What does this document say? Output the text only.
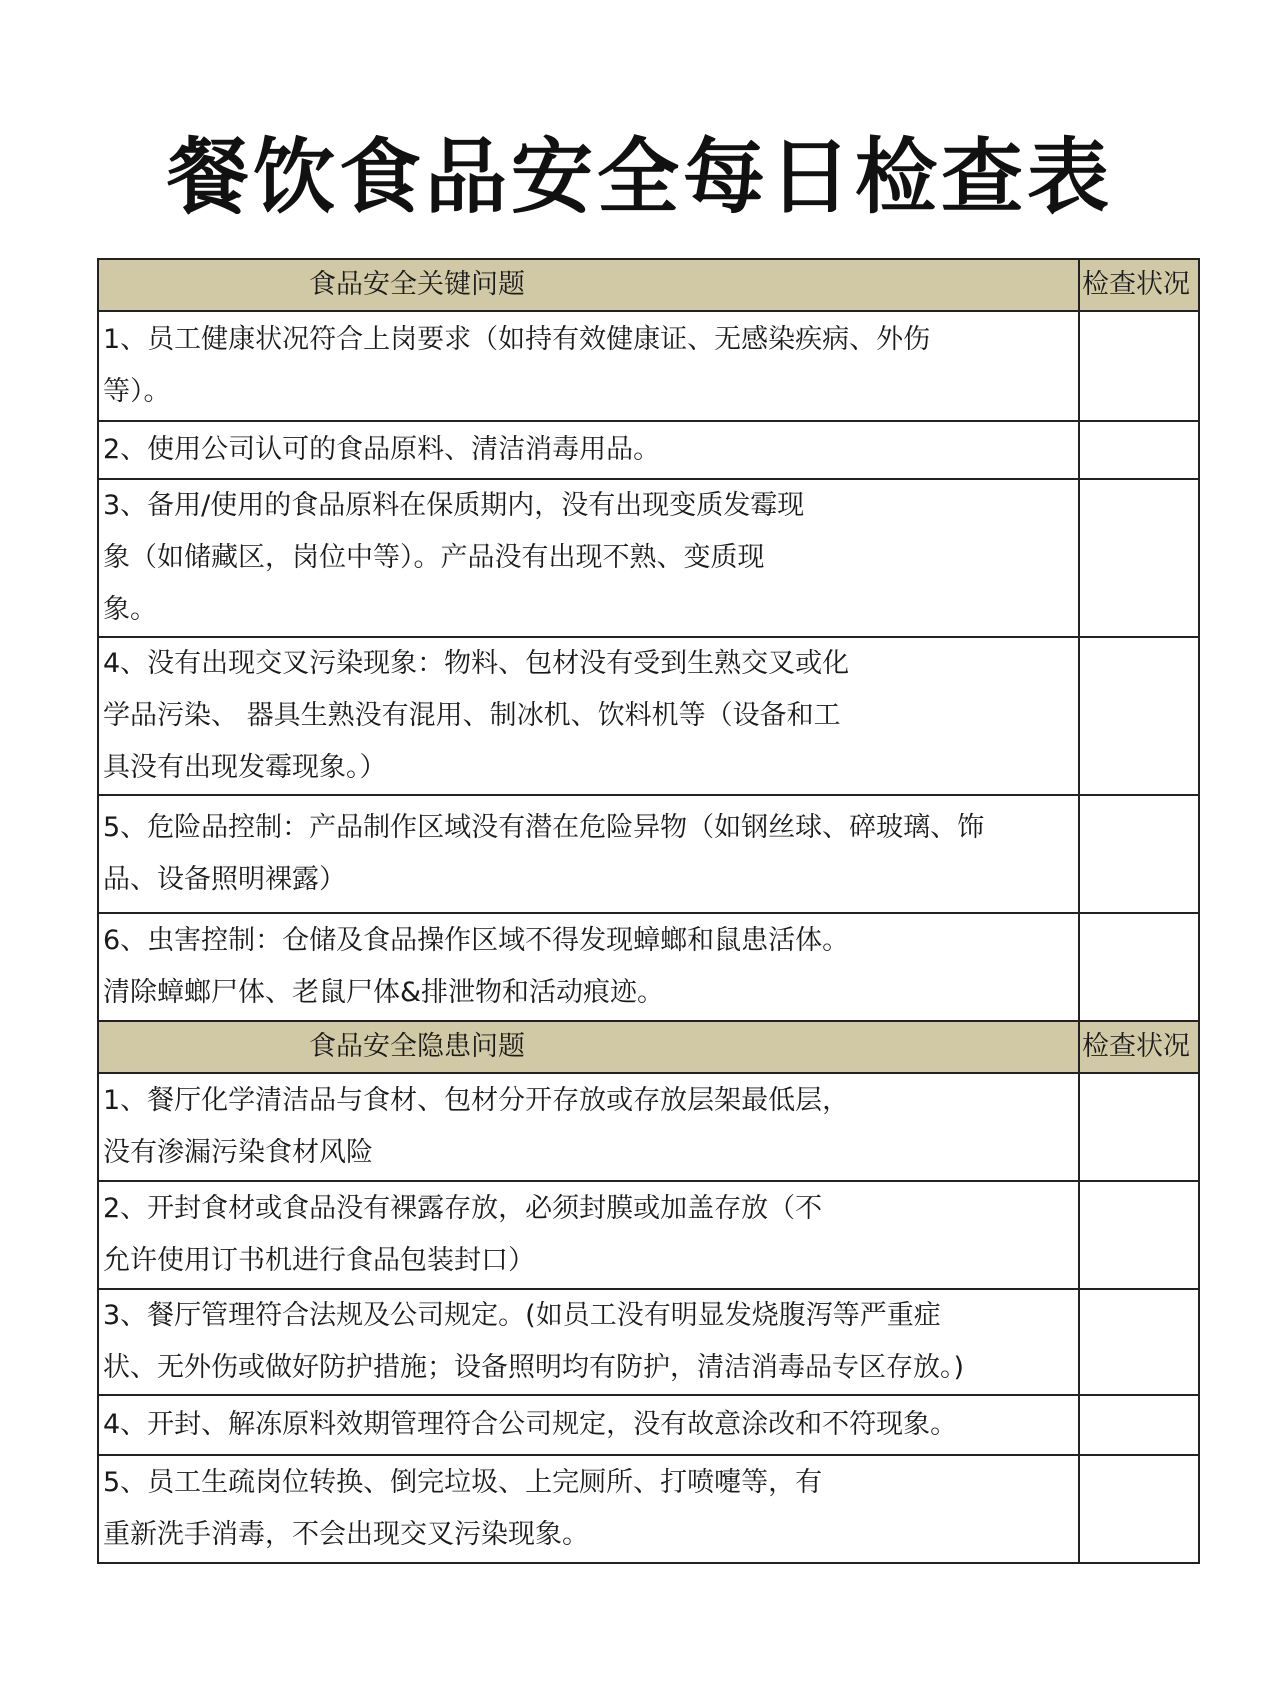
餐饮食品安全每日检查表
食品安全关键问题	检查状况

1、员工健康状况符合上岗要求（如持有效健康证、无感染疾病、外伤
等）。	

2、使用公司认可的食品原料、清洁消毒用品。	

3、备用/使用的食品原料在保质期内，没有出现变质发霉现
象（如储藏区，岗位中等）。产品没有出现不熟、变质现
象。	

4、没有出现交叉污染现象：物料、包材没有受到生熟交叉或化
学品污染、 器具生熟没有混用、制冰机、饮料机等（设备和工
具没有出现发霉现象。）	

5、危险品控制：产品制作区域没有潜在危险异物（如钢丝球、碎玻璃、饰
品、设备照明裸露）	

6、虫害控制：仓储及食品操作区域不得发现蟑螂和鼠患活体。
清除蟑螂尸体、老鼠尸体&排泄物和活动痕迹。	

食品安全隐患问题	检查状况

1、餐厅化学清洁品与食材、包材分开存放或存放层架最低层，
没有渗漏污染食材风险	

2、开封食材或食品没有裸露存放，必须封膜或加盖存放（不
允许使用订书机进行食品包装封口）	

3、餐厅管理符合法规及公司规定。(如员工没有明显发烧腹泻等严重症
状、无外伤或做好防护措施；设备照明均有防护，清洁消毒品专区存放。)	

4、开封、解冻原料效期管理符合公司规定，没有故意涂改和不符现象。	

5、员工生疏岗位转换、倒完垃圾、上完厕所、打喷嚏等，有
重新洗手消毒，不会出现交叉污染现象。	
